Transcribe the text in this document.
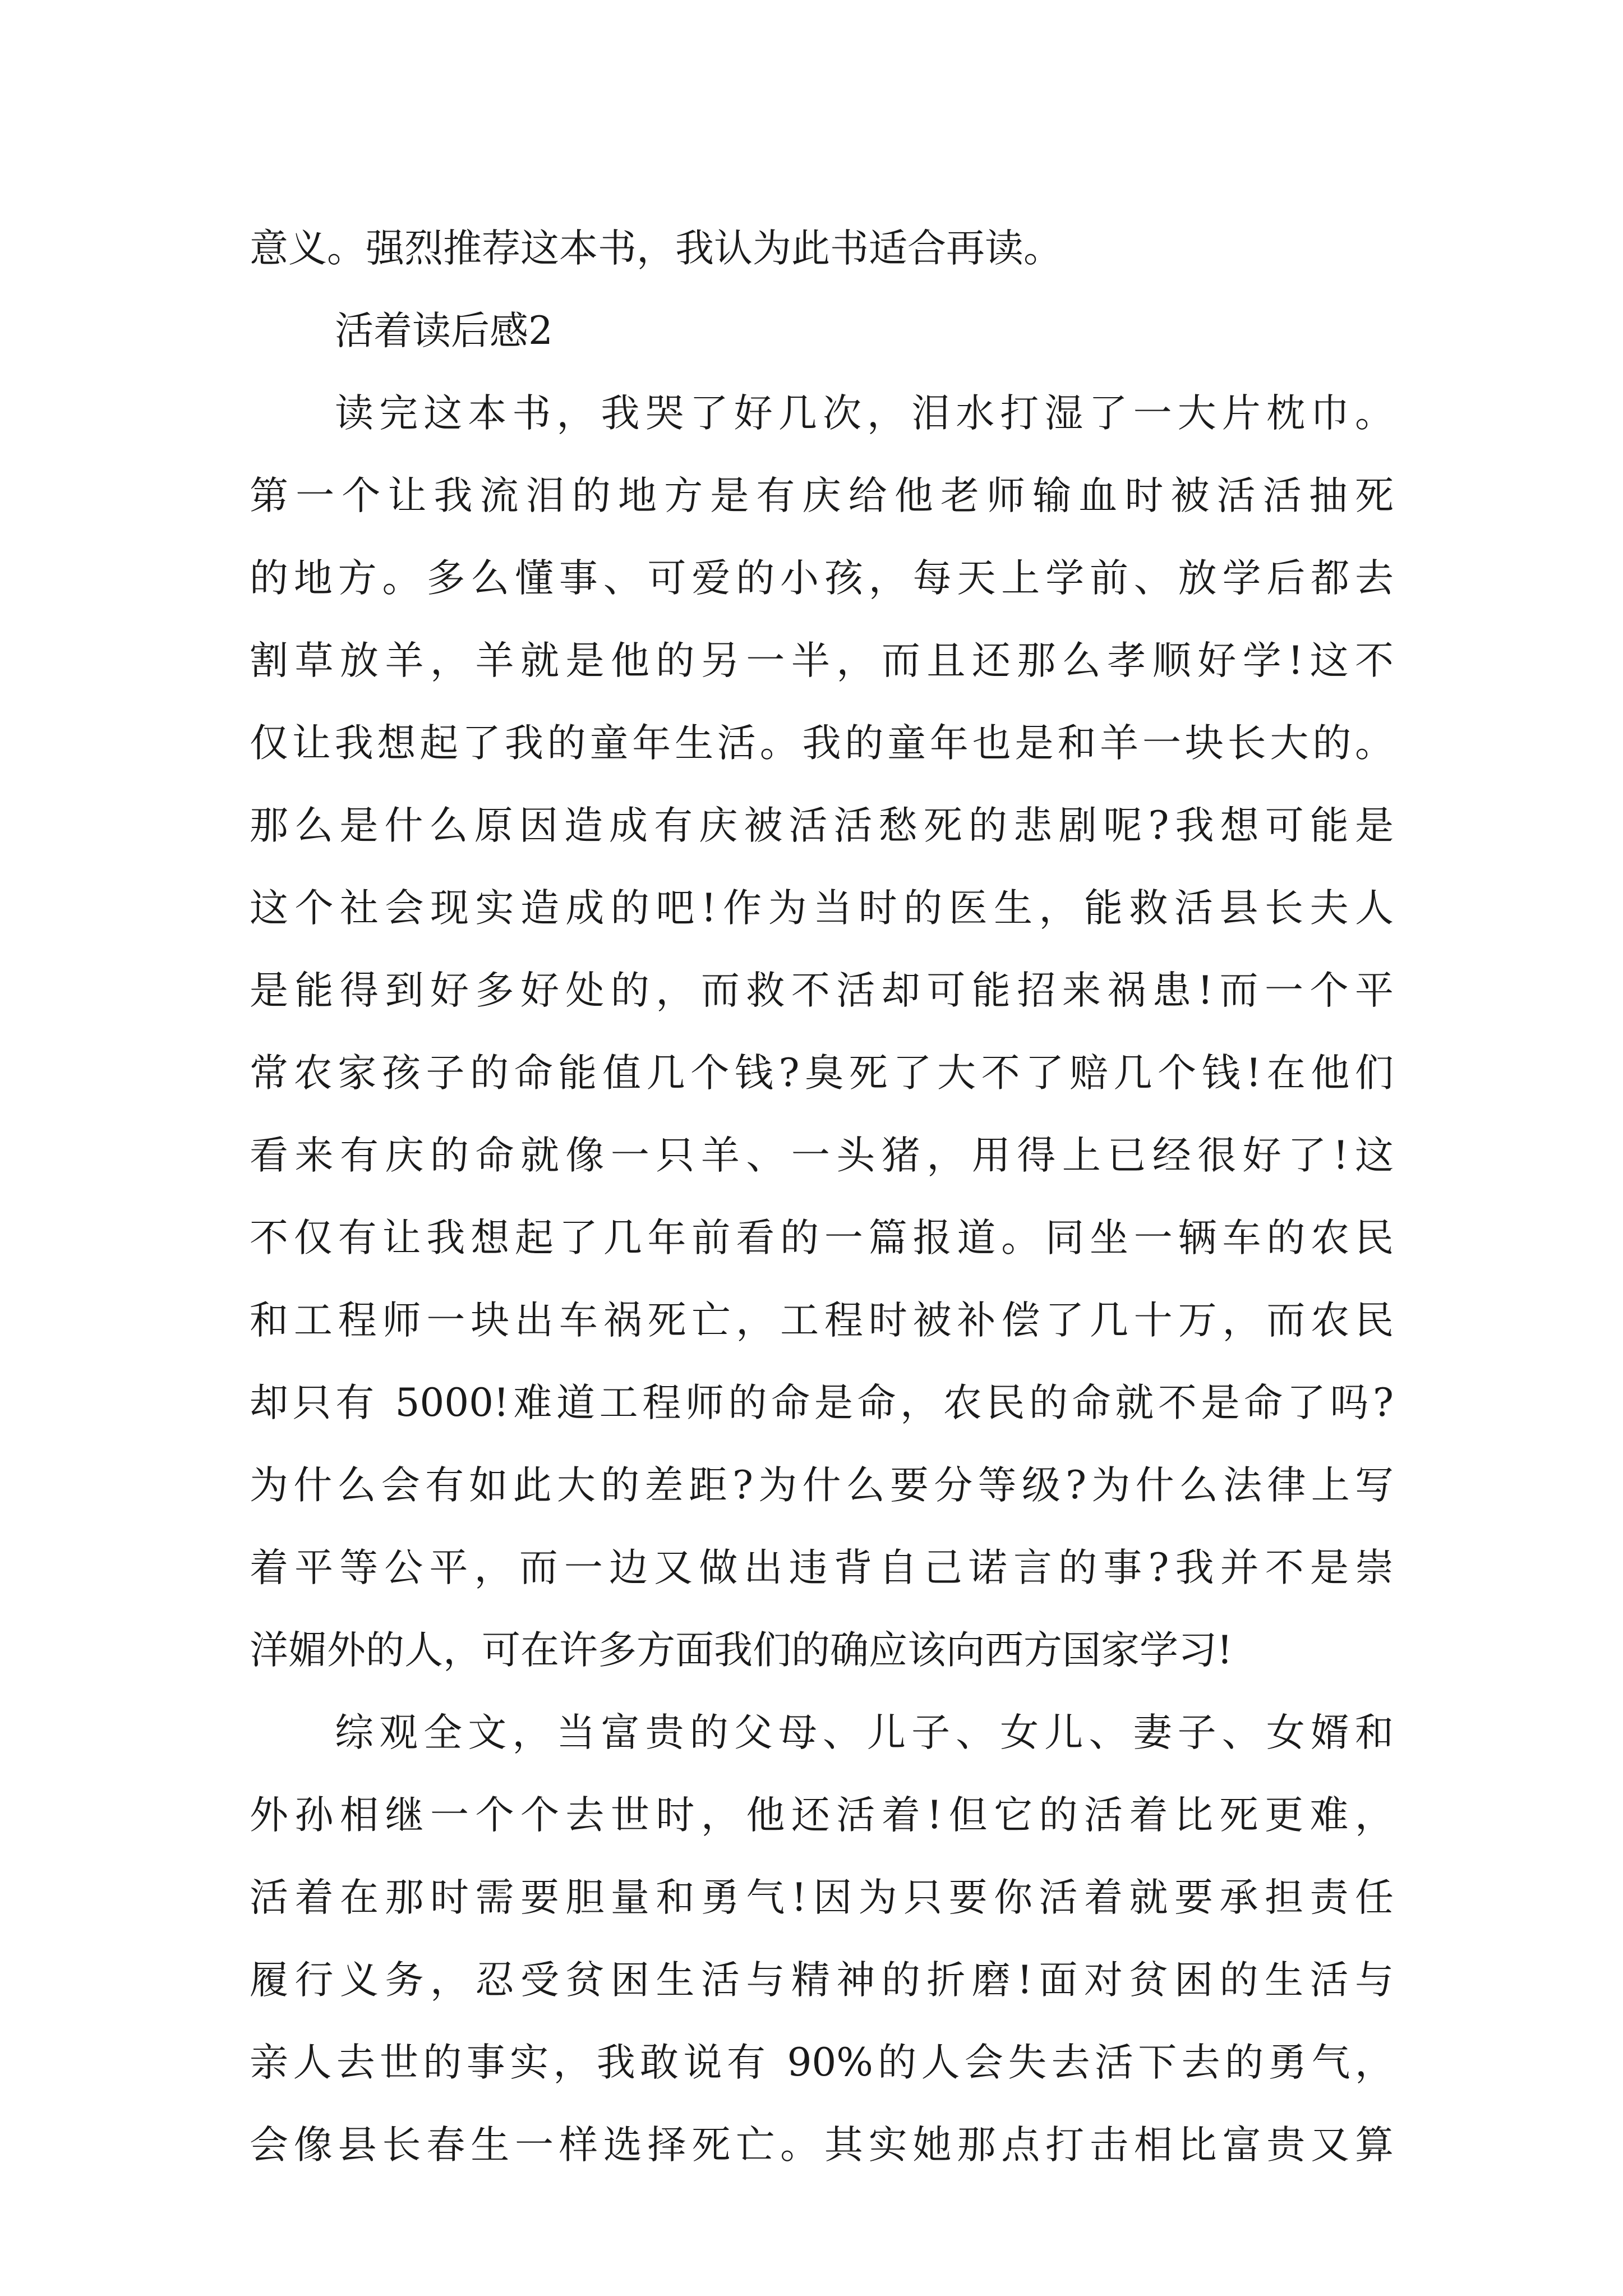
意义。强烈推荐这本书，我认为此书适合再读。
活着读后感2
读完这本书，我哭了好几次，泪水打湿了一大片枕巾。
第一个让我流泪的地方是有庆给他老师输血时被活活抽死
的地方。多么懂事、可爱的小孩，每天上学前、放学后都去
割草放羊，羊就是他的另一半，而且还那么孝顺好学!这不
仅让我想起了我的童年生活。我的童年也是和羊一块长大的。
那么是什么原因造成有庆被活活愁死的悲剧呢?我想可能是
这个社会现实造成的吧!作为当时的医生，能救活县长夫人
是能得到好多好处的，而救不活却可能招来祸患!而一个平
常农家孩子的命能值几个钱?臭死了大不了赔几个钱!在他们
看来有庆的命就像一只羊、一头猪，用得上已经很好了!这
不仅有让我想起了几年前看的一篇报道。同坐一辆车的农民
和工程师一块出车祸死亡，工程时被补偿了几十万，而农民
却只有 5000!难道工程师的命是命，农民的命就不是命了吗?
为什么会有如此大的差距?为什么要分等级?为什么法律上写
着平等公平，而一边又做出违背自己诺言的事?我并不是崇
洋媚外的人，可在许多方面我们的确应该向西方国家学习!
综观全文，当富贵的父母、儿子、女儿、妻子、女婿和
外孙相继一个个去世时，他还活着!但它的活着比死更难，
活着在那时需要胆量和勇气!因为只要你活着就要承担责任
履行义务，忍受贫困生活与精神的折磨!面对贫困的生活与
亲人去世的事实，我敢说有 90%的人会失去活下去的勇气，
会像县长春生一样选择死亡。其实她那点打击相比富贵又算
